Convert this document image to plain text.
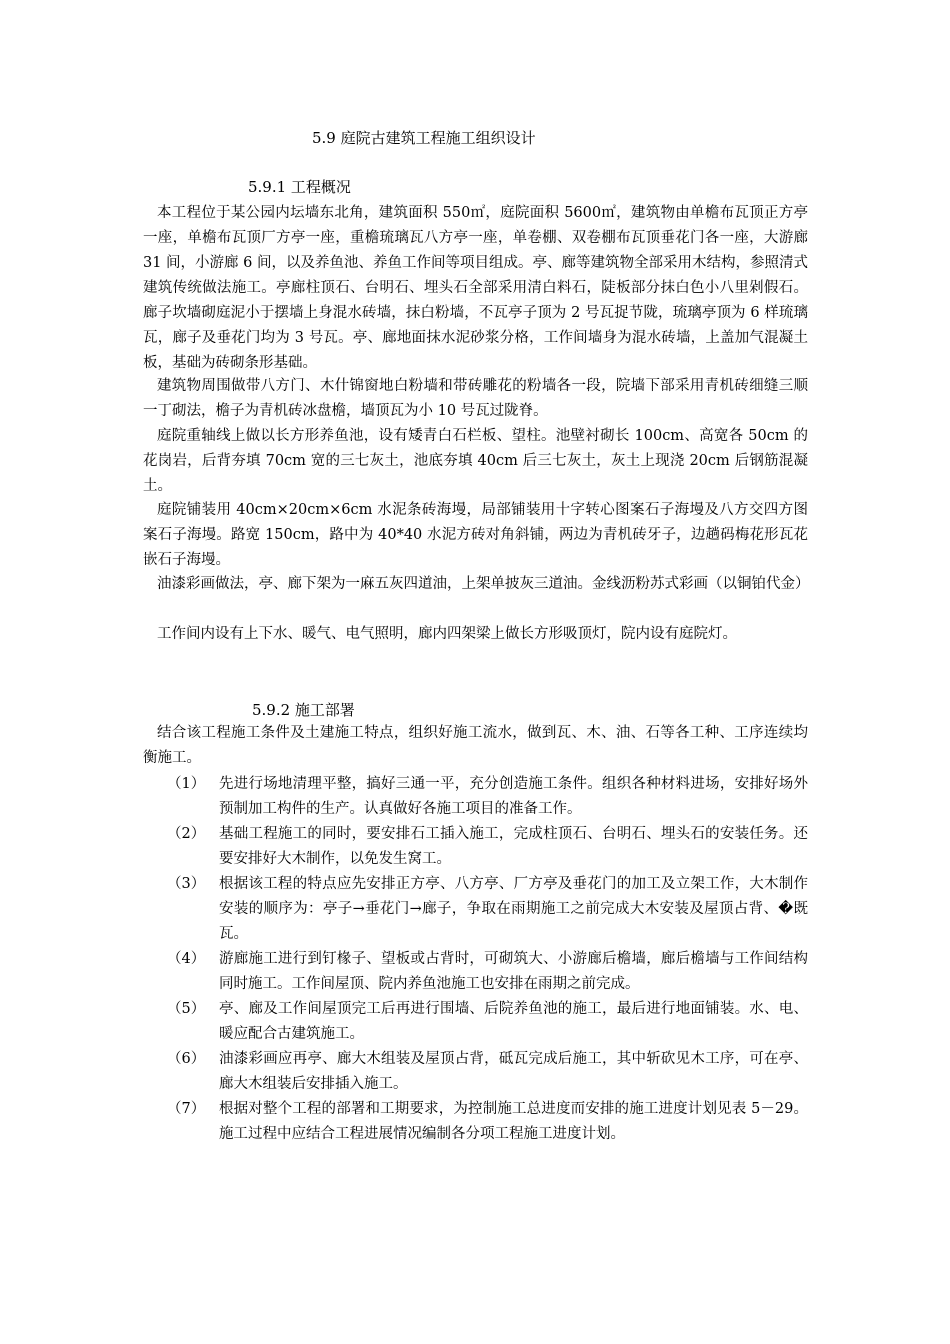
5.9 庭院古建筑工程施工组织设计
5.9.1 工程概况
本工程位于某公园内坛墙东北角，建筑面积 550㎡，庭院面积 5600㎡，建筑物由单檐布瓦顶正方亭一座，单檐布瓦顶厂方亭一座，重檐琉璃瓦八方亭一座，单卷棚、双卷棚布瓦顶垂花门各一座，大游廊 31 间，小游廊 6 间，以及养鱼池、养鱼工作间等项目组成。亭、廊等建筑物全部采用木结构，参照清式建筑传统做法施工。亭廊柱顶石、台明石、埋头石全部采用清白料石，陡板部分抹白色小八里剁假石。廊子坎墙砌庭泥小于摆墙上身混水砖墙，抹白粉墙，不瓦亭子顶为 2 号瓦捉节陇，琉璃亭顶为 6 样琉璃瓦，廊子及垂花门均为 3 号瓦。亭、廊地面抹水泥砂浆分格，工作间墙身为混水砖墙，上盖加气混凝土板，基础为砖砌条形基础。
建筑物周围做带八方门、木什锦窗地白粉墙和带砖雕花的粉墙各一段，院墙下部采用青机砖细缝三顺一丁砌法，檐子为青机砖冰盘檐，墙顶瓦为小 10 号瓦过陇脊。
庭院重轴线上做以长方形养鱼池，设有矮青白石栏板、望柱。池壁衬砌长 100cm、高宽各 50cm 的花岗岩，后背夯填 70cm 宽的三七灰土，池底夯填 40cm 后三七灰土，灰土上现浇 20cm 后钢筋混凝土。
庭院铺装用 40cm×20cm×6cm 水泥条砖海墁，局部铺装用十字转心图案石子海墁及八方交四方图案石子海墁。路宽 150cm，路中为 40*40 水泥方砖对角斜铺，两边为青机砖牙子，边趟码梅花形瓦花嵌石子海墁。
油漆彩画做法，亭、廊下架为一麻五灰四道油，上架单披灰三道油。金线沥粉苏式彩画（以铜铂代金）
工作间内设有上下水、暖气、电气照明，廊内四架梁上做长方形吸顶灯，院内设有庭院灯。
5.9.2 施工部署
结合该工程施工条件及土建施工特点，组织好施工流水，做到瓦、木、油、石等各工种、工序连续均衡施工。
（1） 先进行场地清理平整，搞好三通一平，充分创造施工条件。组织各种材料进场，安排好场外预制加工构件的生产。认真做好各施工项目的准备工作。
（2） 基础工程施工的同时，要安排石工插入施工，完成柱顶石、台明石、埋头石的安装任务。还要安排好大木制作，以免发生窝工。
（3） 根据该工程的特点应先安排正方亭、八方亭、厂方亭及垂花门的加工及立架工作，大木制作安装的顺序为：亭子→垂花门→廊子，争取在雨期施工之前完成大木安装及屋顶占背、�既瓦。
（4） 游廊施工进行到钉椽子、望板或占背时，可砌筑大、小游廊后檐墙，廊后檐墙与工作间结构同时施工。工作间屋顶、院内养鱼池施工也安排在雨期之前完成。
（5） 亭、廊及工作间屋顶完工后再进行围墙、后院养鱼池的施工，最后进行地面铺装。水、电、暖应配合古建筑施工。
（6） 油漆彩画应再亭、廊大木组装及屋顶占背，砥瓦完成后施工，其中斩砍见木工序，可在亭、廊大木组装后安排插入施工。
（7） 根据对整个工程的部署和工期要求，为控制施工总进度而安排的施工进度计划见表 5－29。施工过程中应结合工程进展情况编制各分项工程施工进度计划。
